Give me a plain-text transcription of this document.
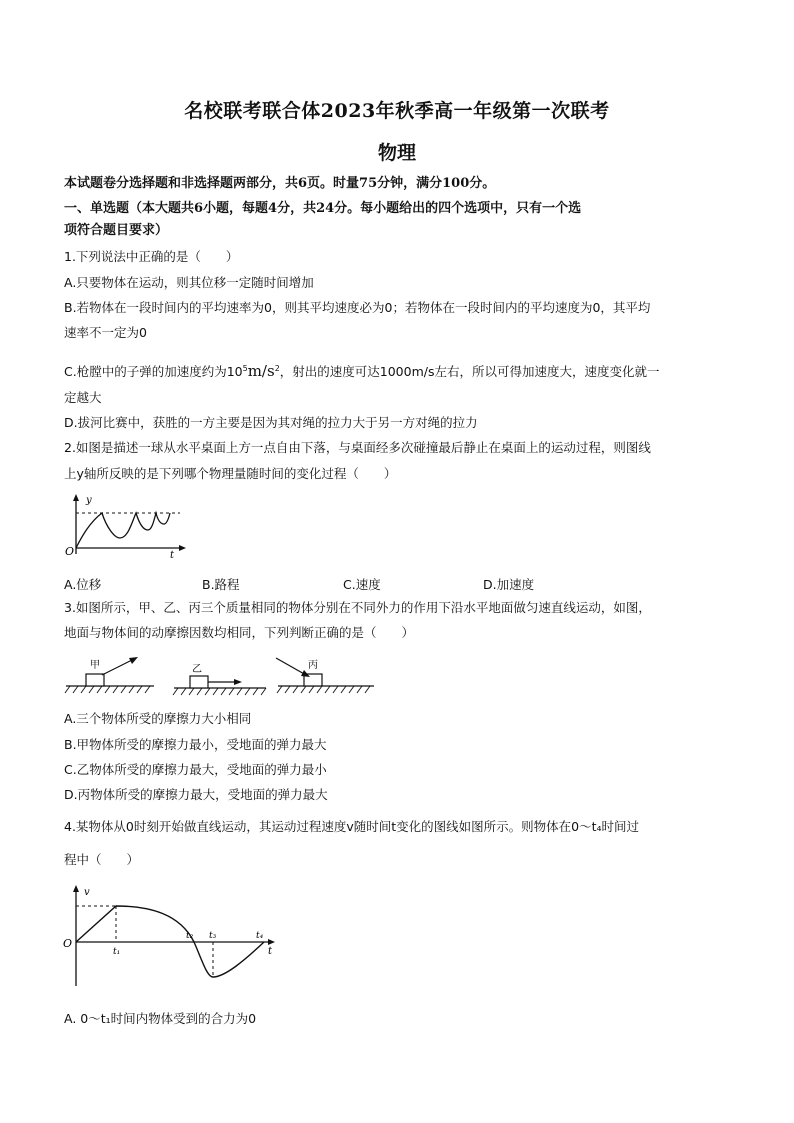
名校联考联合体2023年秋季高一年级第一次联考
物理
本试题卷分选择题和非选择题两部分，共6页。时量75分钟，满分100分。
一、单选题（本大题共6小题，每题4分，共24分。每小题给出的四个选项中，只有一个选
项符合题目要求）
1.下列说法中正确的是（　　）
A.只要物体在运动，则其位移一定随时间增加
B.若物体在一段时间内的平均速率为0，则其平均速度必为0；若物体在一段时间内的平均速度为0，其平均
速率不一定为0
C.枪膛中的子弹的加速度约为$10^5m/s^2$，射出的速度可达1000m/s左右，所以可得加速度大，速度变化就一
定越大
D.拔河比赛中，获胜的一方主要是因为其对绳的拉力大于另一方对绳的拉力
2.如图是描述一球从水平桌面上方一点自由下落，与桌面经多次碰撞最后静止在桌面上的运动过程，则图线
上y轴所反映的是下列哪个物理量随时间的变化过程（　　）
y
O	t
A.位移	B.路程	C.速度	D.加速度
3.如图所示，甲、乙、丙三个质量相同的物体分别在不同外力的作用下沿水平地面做匀速直线运动，如图，
地面与物体间的动摩擦因数均相同，下列判断正确的是（　　）
甲	乙	丙
A.三个物体所受的摩擦力大小相同
B.甲物体所受的摩擦力最小，受地面的弹力最大
C.乙物体所受的摩擦力最大，受地面的弹力最小
D.丙物体所受的摩擦力最大，受地面的弹力最大
4.某物体从0时刻开始做直线运动，其运动过程速度v随时间t变化的图线如图所示。则物体在0～t₄时间过
程中（　　）
v
O
t
t₁
t₂ t₃	t₄
A. 0～t₁时间内物体受到的合力为0
